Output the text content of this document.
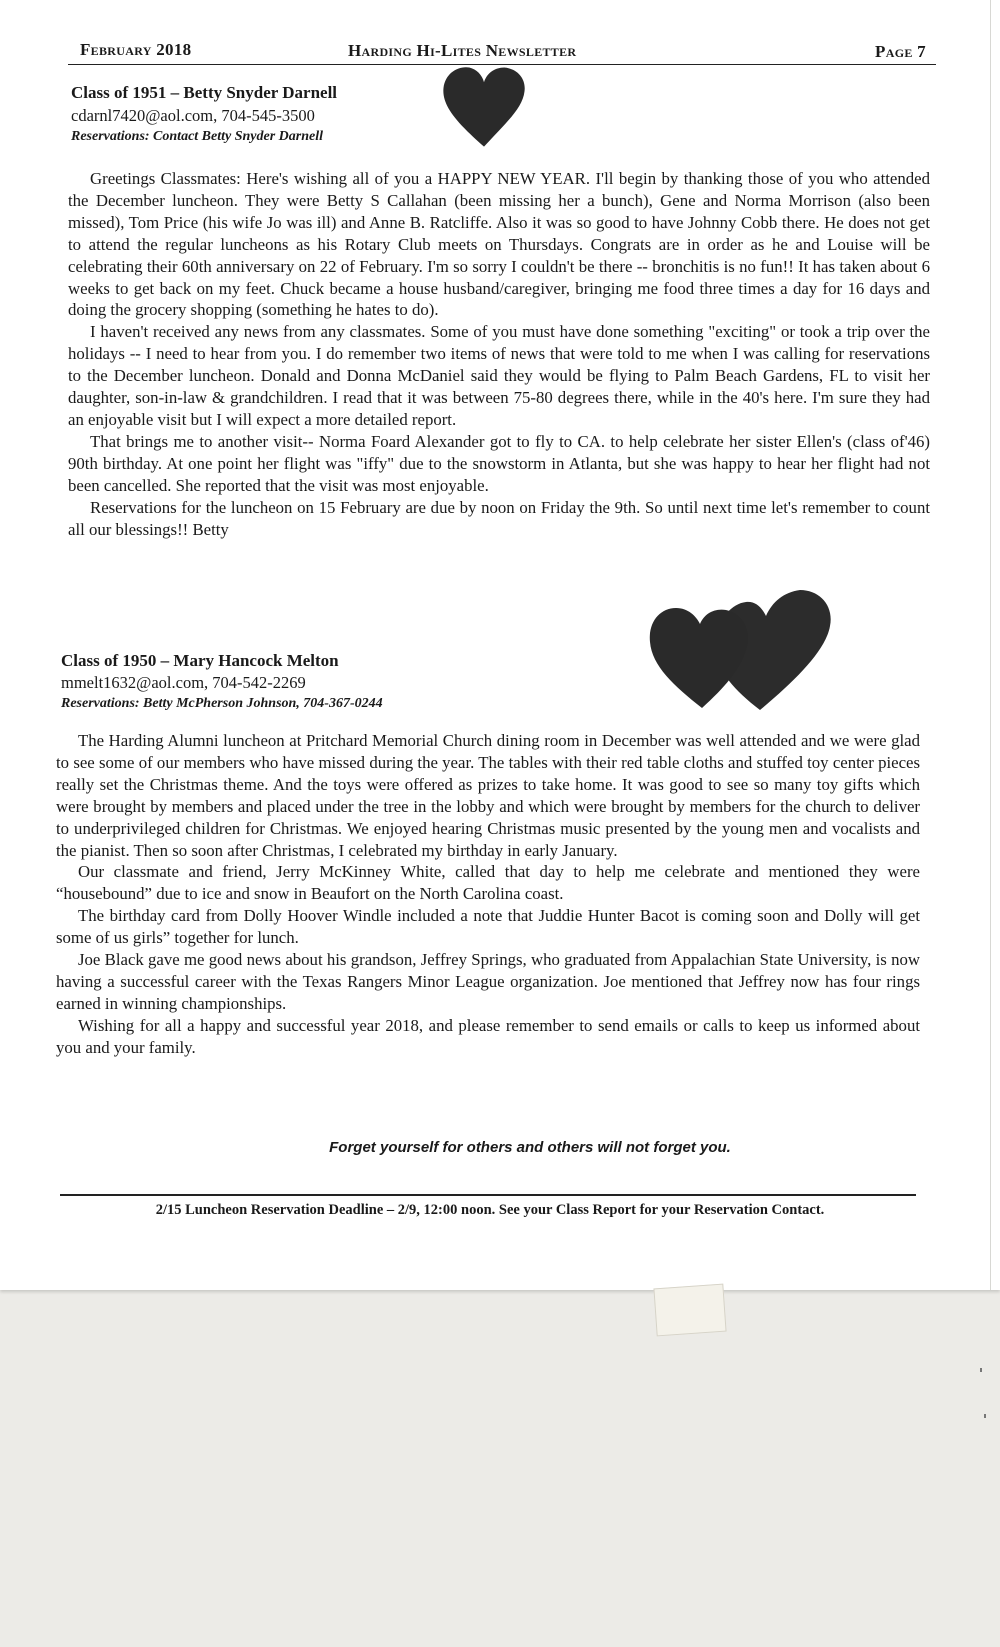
February 2018	Harding Hi-Lites Newsletter	Page 7
Class of 1951 – Betty Snyder Darnell
cdarnl7420@aol.com, 704-545-3500
Reservations: Contact Betty Snyder Darnell

Greetings Classmates: Here's wishing all of you a HAPPY NEW YEAR. I'll begin by thanking those of you who attended the December luncheon. They were Betty S Callahan (been missing her a bunch), Gene and Norma Morrison (also been missed), Tom Price (his wife Jo was ill) and Anne B. Ratcliffe. Also it was so good to have Johnny Cobb there. He does not get to attend the regular luncheons as his Rotary Club meets on Thursdays. Congrats are in order as he and Louise will be celebrating their 60th anniversary on 22 of February. I'm so sorry I couldn't be there -- bronchitis is no fun!! It has taken about 6 weeks to get back on my feet. Chuck became a house husband/caregiver, bringing me food three times a day for 16 days and doing the grocery shopping (something he hates to do).

I haven't received any news from any classmates. Some of you must have done something "exciting" or took a trip over the holidays -- I need to hear from you. I do remember two items of news that were told to me when I was calling for reservations to the December luncheon. Donald and Donna McDaniel said they would be flying to Palm Beach Gardens, FL to visit her daughter, son-in-law & grandchildren. I read that it was between 75-80 degrees there, while in the 40's here. I'm sure they had an enjoyable visit but I will expect a more detailed report.

That brings me to another visit-- Norma Foard Alexander got to fly to CA. to help celebrate her sister Ellen's (class of'46) 90th birthday. At one point her flight was "iffy" due to the snowstorm in Atlanta, but she was happy to hear her flight had not been cancelled. She reported that the visit was most enjoyable.

Reservations for the luncheon on 15 February are due by noon on Friday the 9th. So until next time let's remember to count all our blessings!! Betty

Class of 1950 – Mary Hancock Melton
mmelt1632@aol.com, 704-542-2269
Reservations: Betty McPherson Johnson, 704-367-0244

The Harding Alumni luncheon at Pritchard Memorial Church dining room in December was well attended and we were glad to see some of our members who have missed during the year. The tables with their red table cloths and stuffed toy center pieces really set the Christmas theme. And the toys were offered as prizes to take home. It was good to see so many toy gifts which were brought by members and placed under the tree in the lobby and which were brought by members for the church to deliver to underprivileged children for Christmas. We enjoyed hearing Christmas music presented by the young men and vocalists and the pianist. Then so soon after Christmas, I celebrated my birthday in early January.

Our classmate and friend, Jerry McKinney White, called that day to help me celebrate and mentioned they were “housebound” due to ice and snow in Beaufort on the North Carolina coast.

The birthday card from Dolly Hoover Windle included a note that Juddie Hunter Bacot is coming soon and Dolly will get some of us girls” together for lunch.

Joe Black gave me good news about his grandson, Jeffrey Springs, who graduated from Appalachian State University, is now having a successful career with the Texas Rangers Minor League organization. Joe mentioned that Jeffrey now has four rings earned in winning championships.

Wishing for all a happy and successful year 2018, and please remember to send emails or calls to keep us informed about you and your family.

Forget yourself for others and others will not forget you.
2/15 Luncheon Reservation Deadline – 2/9, 12:00 noon. See your Class Report for your Reservation Contact.
